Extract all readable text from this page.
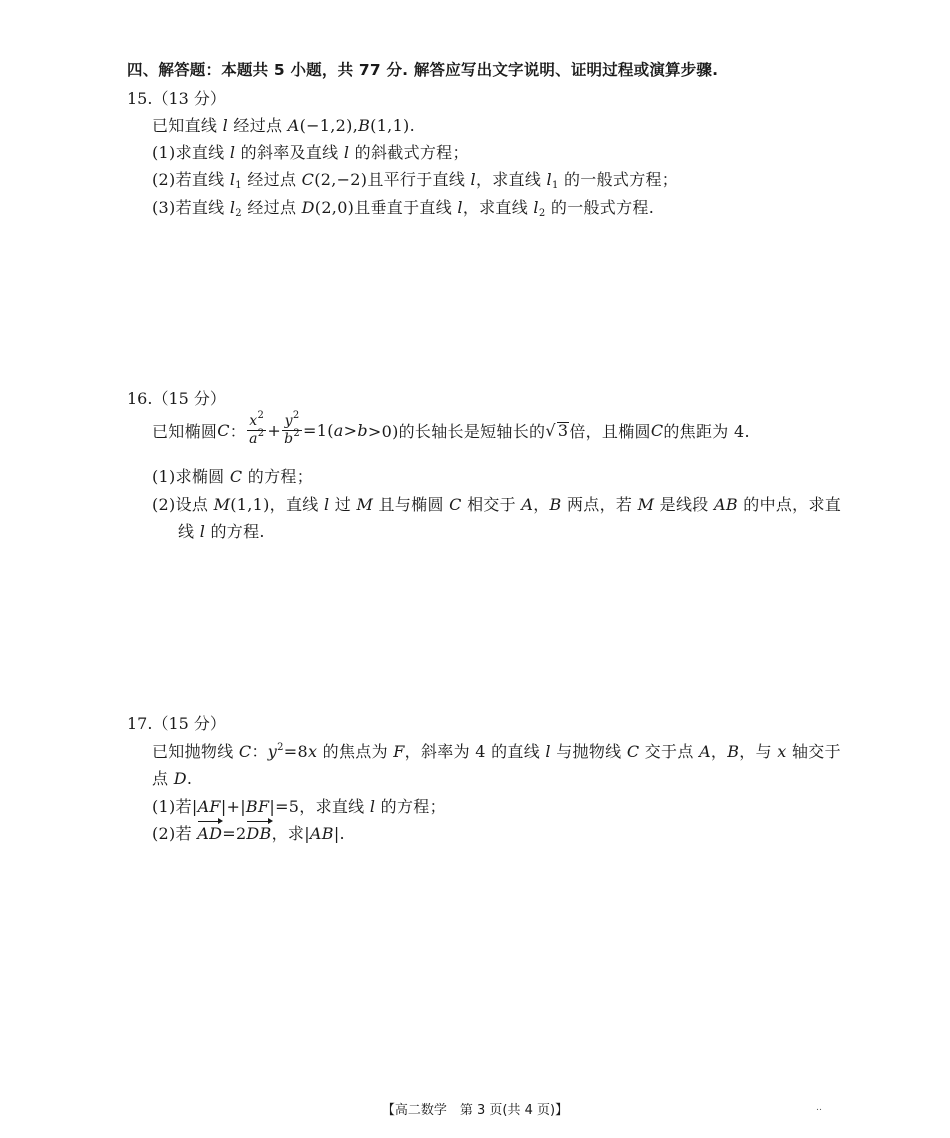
四、解答题：本题共 5 小题，共 77 分. 解答应写出文字说明、证明过程或演算步骤.
15.（13 分）
已知直线 l 经过点 A(−1,2),B(1,1).
(1)求直线 l 的斜率及直线 l 的斜截式方程；
(2)若直线 $l_1$ 经过点 C(2,−2)且平行于直线 l，求直线 $l_1$ 的一般式方程；
(3)若直线 $l_2$ 经过点 D(2,0)且垂直于直线 l，求直线 $l_2$ 的一般式方程.
16.（15 分）
已知椭圆 C ： $\frac{x^2}{a^2} + \frac{y^2}{b^2} =1$( a > b >0)的长轴长是短轴长的 √ 3 倍，且椭圆 C 的焦距为 4.
(1)求椭圆 C 的方程；
(2)设点 M(1,1)，直线 l 过 M 且与椭圆 C 相交于 A，B 两点，若 M 是线段 AB 的中点，求直
线 l 的方程.
17.（15 分）
已知抛物线 C：$y^2=8x$ 的焦点为 F，斜率为 4 的直线 l 与抛物线 C 交于点 A，B，与 x 轴交于
点 D.
(1)若|AF|+|BF|=5，求直线 l 的方程；
(2)若 AD=2DB，求|AB|.
【高二数学　第 3 页(共 4 页)】	‥
